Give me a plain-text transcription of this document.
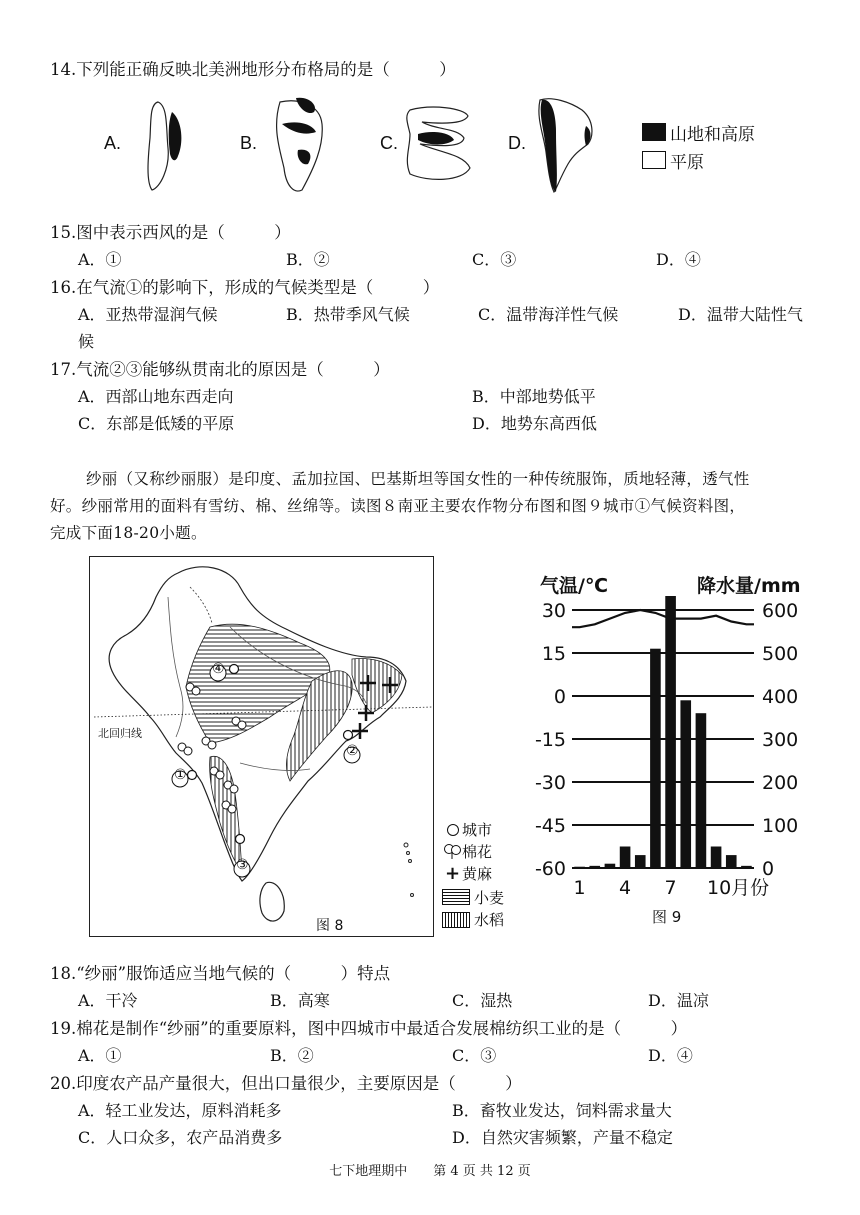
14.下列能正确反映北美洲地形分布格局的是（　　　）
A.	B.	C.	D.	山地和高原
平原
15.图中表示西风的是（　　　）
A．①	B．②	C．③	D．④
16.在气流①的影响下，形成的气候类型是（　　　）
A．亚热带湿润气候	B．热带季风气候	C．温带海洋性气候	D．温带大陆性气
候
17.气流②③能够纵贯南北的原因是（　　　）
A．西部山地东西走向	B．中部地势低平
C．东部是低矮的平原	D．地势东高西低
纱丽（又称纱丽服）是印度、孟加拉国、巴基斯坦等国女性的一种传统服饰，质地轻薄，透气性
好。纱丽常用的面料有雪纺、棉、丝绵等。读图８南亚主要农作物分布图和图９城市①气候资料图，
完成下面18-20小题。
④
①
②
③
北回归线
图 8
城市
棉花
+ 黄麻
小麦
水稻
气温/℃	降水量/mm
30
15
0
-15
-30
-45
-60
600
500
400
300
200
100
0
1 4 7 10月份
图 9
18.“纱丽”服饰适应当地气候的（　　　）特点
A．干冷	B．高寒	C．湿热	D．温凉
19.棉花是制作“纱丽”的重要原料，图中四城市中最适合发展棉纺织工业的是（　　　）
A．①	B．②	C．③	D．④
20.印度农产品产量很大，但出口量很少，主要原因是（　　　）
A．轻工业发达，原料消耗多	B．畜牧业发达，饲料需求量大
C．人口众多，农产品消费多	D．自然灾害频繁，产量不稳定
七下地理期中　　第 4 页 共 12 页
